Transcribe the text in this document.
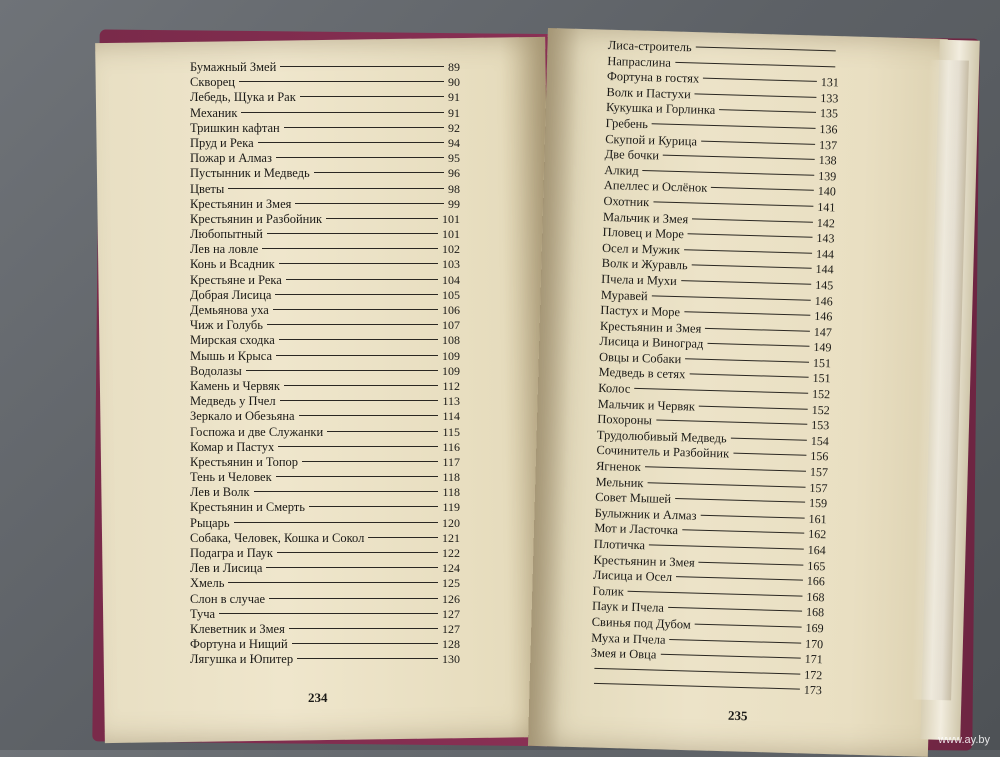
Бумажный Змей	89
Скворец	90
Лебедь, Щука и Рак	91
Механик	91
Тришкин кафтан	92
Пруд и Река	94
Пожар и Алмаз	95
Пустынник и Медведь	96
Цветы	98
Крестьянин и Змея	99
Крестьянин и Разбойник	101
Любопытный	101
Лев на ловле	102
Конь и Всадник	103
Крестьяне и Река	104
Добрая Лисица	105
Демьянова уха	106
Чиж и Голубь	107
Мирская сходка	108
Мышь и Крыса	109
Водолазы	109
Камень и Червяк	112
Медведь у Пчел	113
Зеркало и Обезьяна	114
Госпожа и две Служанки	115
Комар и Пастух	116
Крестьянин и Топор	117
Тень и Человек	118
Лев и Волк	118
Крестьянин и Смерть	119
Рыцарь	120
Собака, Человек, Кошка и Сокол	121
Подагра и Паук	122
Лев и Лисица	124
Хмель	125
Слон в случае	126
Туча	127
Клеветник и Змея	127
Фортуна и Нищий	128
Лягушка и Юпитер	130
Лиса-строитель
Напраслина
Фортуна в гостях	131
Волк и Пастухи	133
Кукушка и Горлинка	135
Гребень	136
Скупой и Курица	137
Две бочки	138
Алкид	139
Апеллес и Ослёнок	140
Охотник	141
Мальчик и Змея	142
Пловец и Море	143
Осел и Мужик	144
Волк и Журавль	144
Пчела и Мухи	145
Муравей	146
Пастух и Море	146
Крестьянин и Змея	147
Лисица и Виноград	149
Овцы и Собаки	151
Медведь в сетях	151
Колос	152
Мальчик и Червяк	152
Похороны	153
Трудолюбивый Медведь	154
Сочинитель и Разбойник	156
Ягненок	157
Мельник	157
Совет Мышей	159
Булыжник и Алмаз	161
Мот и Ласточка	162
Плотичка	164
Крестьянин и Змея	165
Лисица и Осел	166
Голик	168
Паук и Пчела	168
Свинья под Дубом	169
Муха и Пчела	170
Змея и Овца	171
172
173
234
235
www.ay.by
